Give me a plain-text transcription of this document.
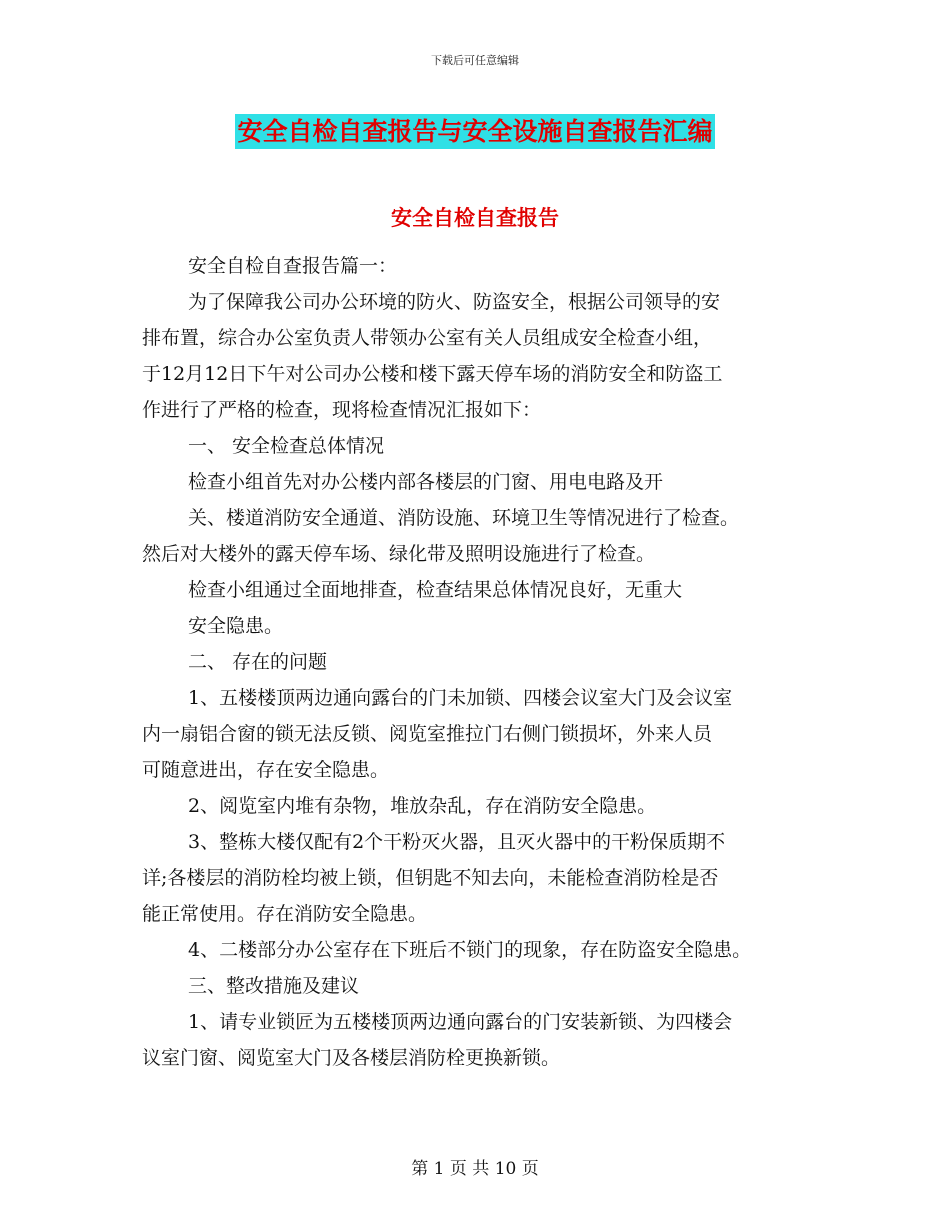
下载后可任意编辑
安全自检自查报告与安全设施自查报告汇编
安全自检自查报告
安全自检自查报告篇一：
为了保障我公司办公环境的防火、防盗安全，根据公司领导的安
排布置，综合办公室负责人带领办公室有关人员组成安全检查小组，
于12月12日下午对公司办公楼和楼下露天停车场的消防安全和防盗工
作进行了严格的检查，现将检查情况汇报如下：
一、 安全检查总体情况
检查小组首先对办公楼内部各楼层的门窗、用电电路及开
关、楼道消防安全通道、消防设施、环境卫生等情况进行了检查。
然后对大楼外的露天停车场、绿化带及照明设施进行了检查。
检查小组通过全面地排查，检查结果总体情况良好，无重大
安全隐患。
二、 存在的问题
1、五楼楼顶两边通向露台的门未加锁、四楼会议室大门及会议室
内一扇铝合窗的锁无法反锁、阅览室推拉门右侧门锁损坏，外来人员
可随意进出，存在安全隐患。
2、阅览室内堆有杂物，堆放杂乱，存在消防安全隐患。
3、整栋大楼仅配有2个干粉灭火器，且灭火器中的干粉保质期不
详;各楼层的消防栓均被上锁，但钥匙不知去向，未能检查消防栓是否
能正常使用。存在消防安全隐患。
4、二楼部分办公室存在下班后不锁门的现象，存在防盗安全隐患。
三、整改措施及建议
1、请专业锁匠为五楼楼顶两边通向露台的门安装新锁、为四楼会
议室门窗、阅览室大门及各楼层消防栓更换新锁。
第 1 页 共 10 页
